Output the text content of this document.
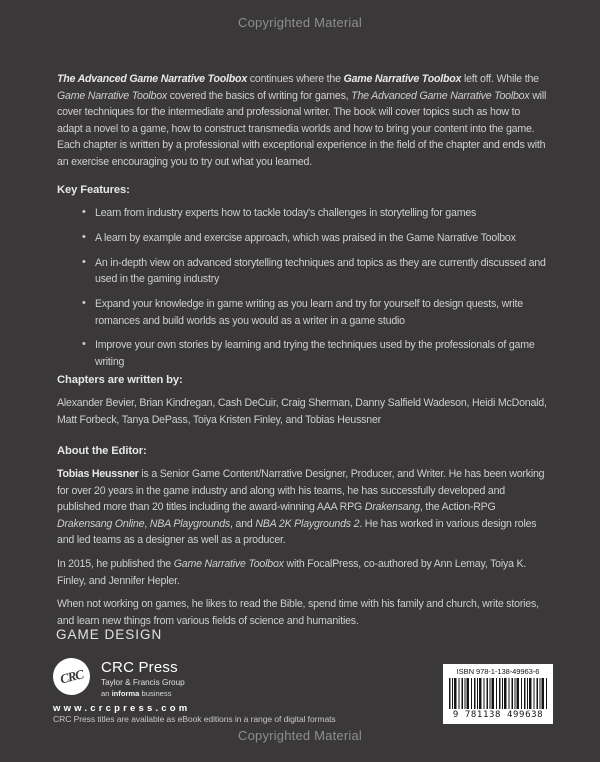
Copyrighted Material
The Advanced Game Narrative Toolbox continues where the Game Narrative Toolbox left off. While the Game Narrative Toolbox covered the basics of writing for games, The Advanced Game Narrative Toolbox will cover techniques for the intermediate and professional writer. The book will cover topics such as how to adapt a novel to a game, how to construct transmedia worlds and how to bring your content into the game. Each chapter is written by a professional with exceptional experience in the field of the chapter and ends with an exercise encouraging you to try out what you learned.
Key Features:
• Learn from industry experts how to tackle today's challenges in storytelling for games
• A learn by example and exercise approach, which was praised in the Game Narrative Toolbox
• An in-depth view on advanced storytelling techniques and topics as they are currently discussed and used in the gaming industry
• Expand your knowledge in game writing as you learn and try for yourself to design quests, write romances and build worlds as you would as a writer in a game studio
• Improve your own stories by learning and trying the techniques used by the professionals of game writing
Chapters are written by:
Alexander Bevier, Brian Kindregan, Cash DeCuir, Craig Sherman, Danny Salfield Wadeson, Heidi McDonald, Matt Forbeck, Tanya DePass, Toiya Kristen Finley, and Tobias Heussner
About the Editor:
Tobias Heussner is a Senior Game Content/Narrative Designer, Producer, and Writer. He has been working for over 20 years in the game industry and along with his teams, he has successfully developed and published more than 20 titles including the award-winning AAA RPG Drakensang, the Action-RPG Drakensang Online, NBA Playgrounds, and NBA 2K Playgrounds 2. He has worked in various design roles and led teams as a designer as well as a producer.
In 2015, he published the Game Narrative Toolbox with FocalPress, co-authored by Ann Lemay, Toiya K. Finley, and Jennifer Hepler.
When not working on games, he likes to read the Bible, spend time with his family and church, write stories, and learn new things from various fields of science and humanities.
GAME DESIGN
CRC	CRC Press
Taylor & Francis Group
an informa business
www.crcpress.com
CRC Press titles are available as eBook editions in a range of digital formats
ISBN 978-1-138-49963-6
9 781138 499638
Copyrighted Material
